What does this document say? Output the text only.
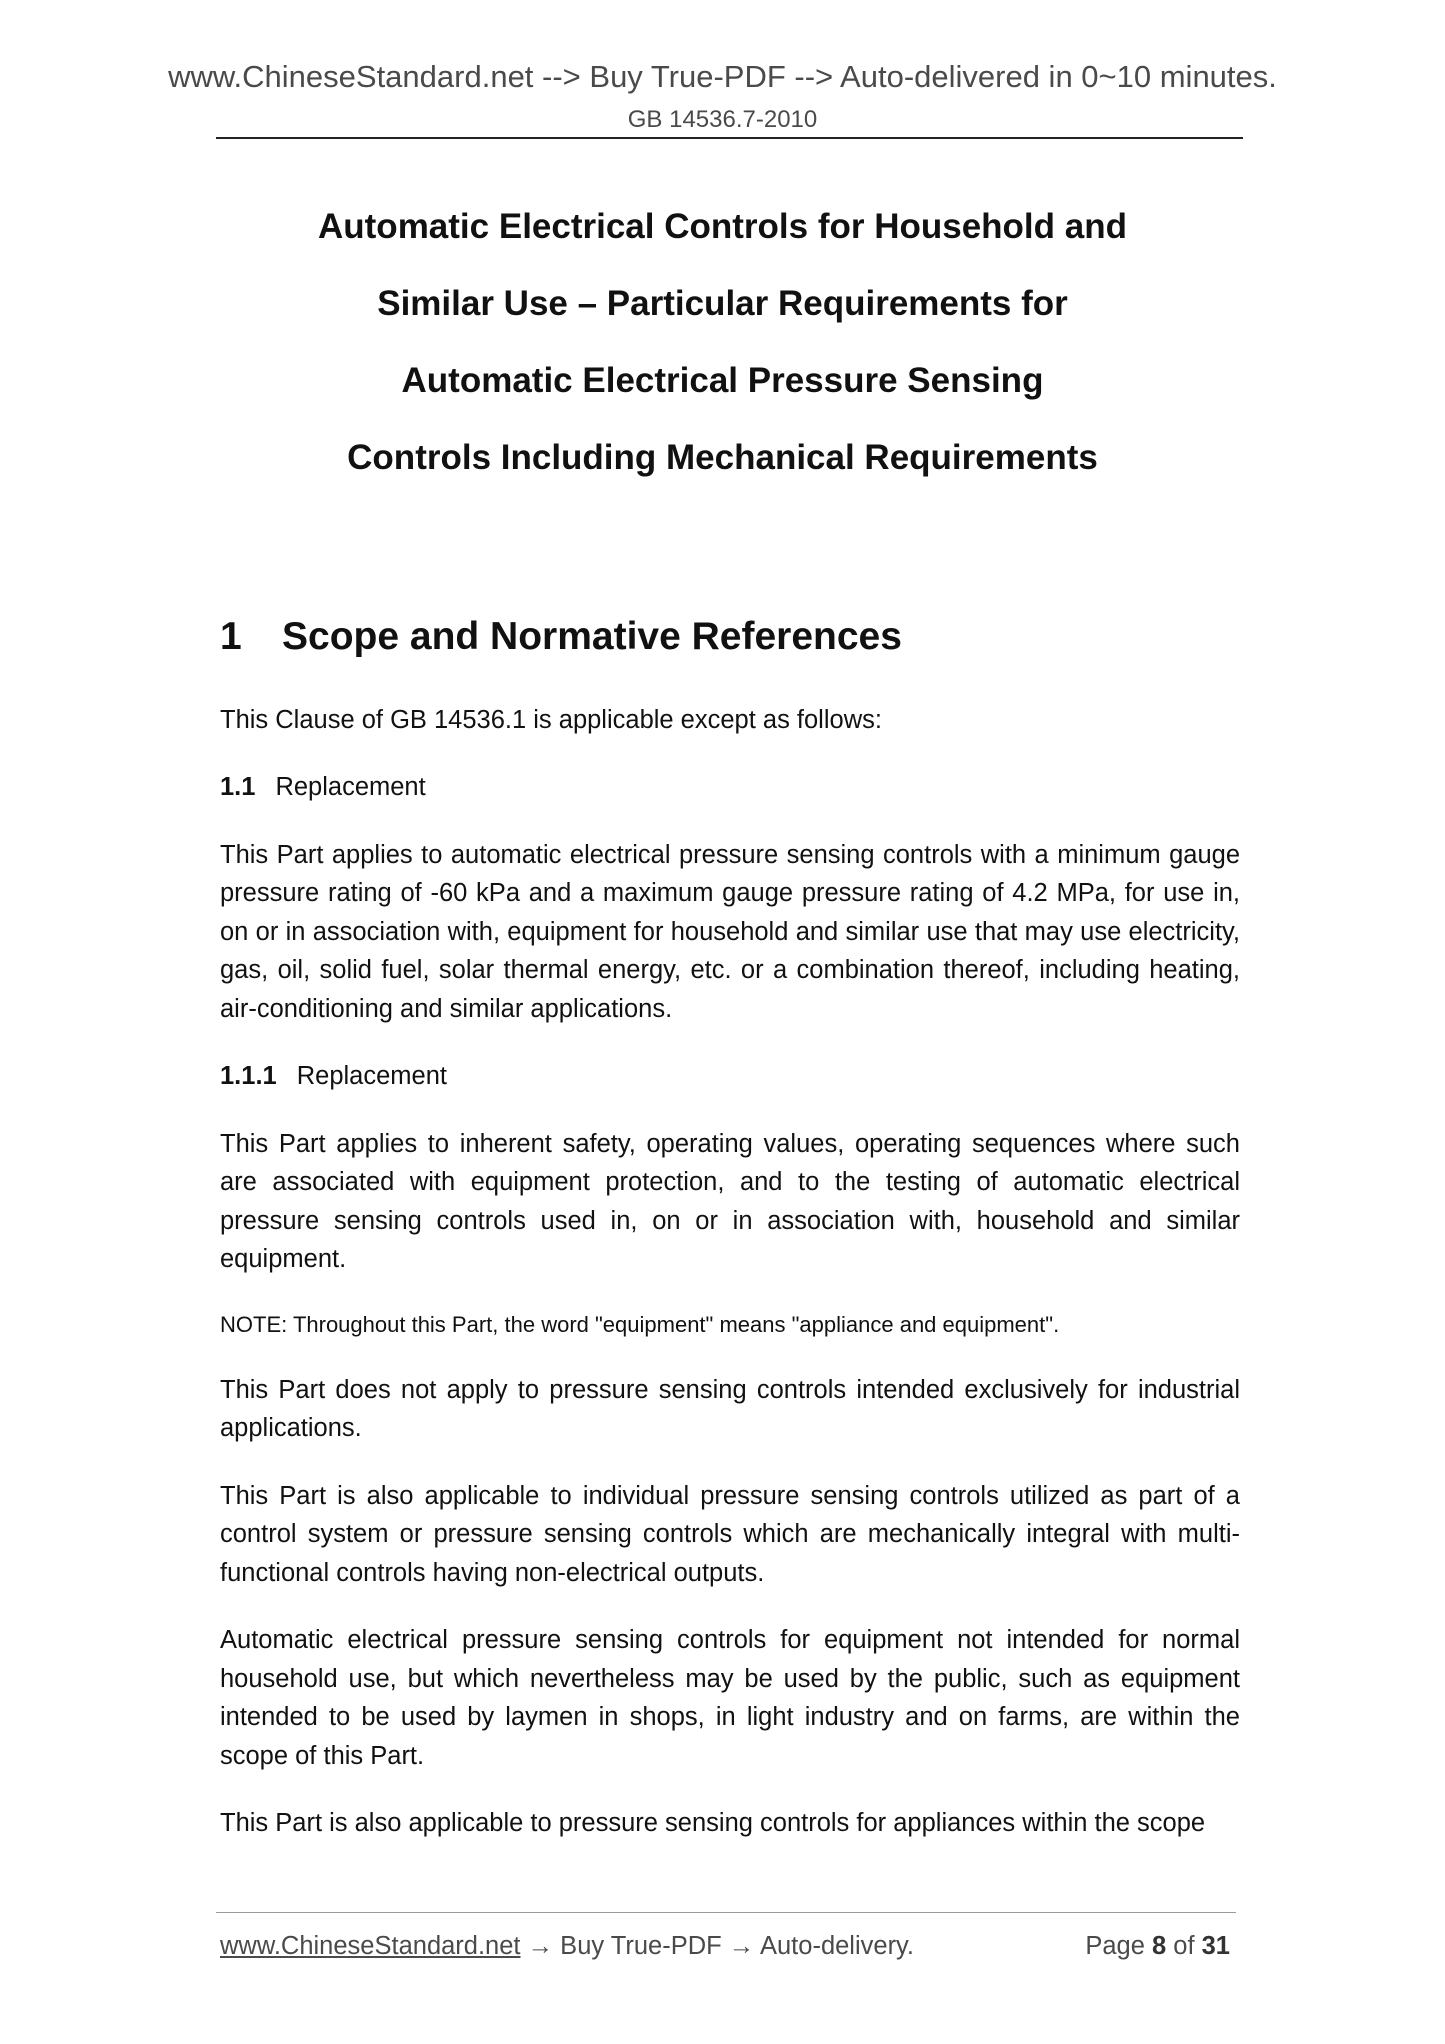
www.ChineseStandard.net --> Buy True-PDF --> Auto-delivered in 0~10 minutes.
GB 14536.7-2010
Automatic Electrical Controls for Household and
Similar Use – Particular Requirements for
Automatic Electrical Pressure Sensing
Controls Including Mechanical Requirements
1 Scope and Normative References

This Clause of GB 14536.1 is applicable except as follows:

1.1 Replacement

This Part applies to automatic electrical pressure sensing controls with a minimum gauge pressure rating of -60 kPa and a maximum gauge pressure rating of 4.2 MPa, for use in, on or in association with, equipment for household and similar use that may use electricity, gas, oil, solid fuel, solar thermal energy, etc. or a combination thereof, including heating, air-conditioning and similar applications.

1.1.1 Replacement

This Part applies to inherent safety, operating values, operating sequences where such are associated with equipment protection, and to the testing of automatic electrical pressure sensing controls used in, on or in association with, household and similar equipment.

NOTE: Throughout this Part, the word "equipment" means "appliance and equipment".

This Part does not apply to pressure sensing controls intended exclusively for industrial applications.

This Part is also applicable to individual pressure sensing controls utilized as part of a control system or pressure sensing controls which are mechanically integral with multi-functional controls having non-electrical outputs.

Automatic electrical pressure sensing controls for equipment not intended for normal household use, but which nevertheless may be used by the public, such as equipment intended to be used by laymen in shops, in light industry and on farms, are within the scope of this Part.

This Part is also applicable to pressure sensing controls for appliances within the scope

www.ChineseStandard.net → Buy True-PDF → Auto-delivery.	Page 8 of 31
